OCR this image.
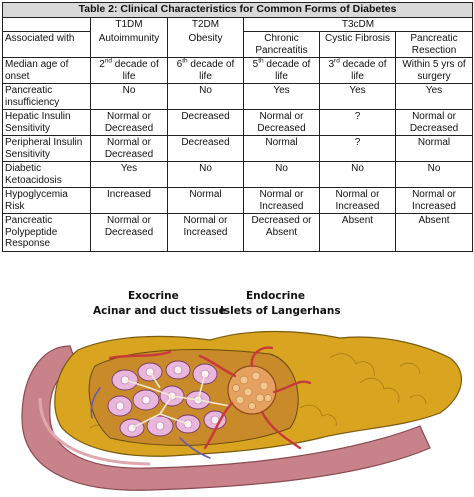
Table 2: Clinical Characteristics for Common Forms of Diabetes					
	T1DM	T2DM	T3cDM		
Associated with	Autoimmunity	Obesity	Chronic Pancreatitis	Cystic Fibrosis	Pancreatic Resection
Median age of onset	2nd decade of life	6th decade of life	5th decade of life	3rd decade of life	Within 5 yrs of surgery
Pancreatic insufficiency	No	No	Yes	Yes	Yes
Hepatic Insulin Sensitivity	Normal or Decreased	Decreased	Normal or Decreased	?	Normal or Decreased
Peripheral Insulin Sensitivity	Normal or Decreased	Decreased	Normal	?	Normal
Diabetic Ketoacidosis	Yes	No	No	No	No
Hypoglycemia Risk	Increased	Normal	Normal or Increased	Normal or Increased	Normal or Increased
Pancreatic Polypeptide Response	Normal or Decreased	Normal or Increased	Decreased or Absent	Absent	Absent
Exocrine
Acinar and duct tissue
Endocrine
Islets of Langerhans
